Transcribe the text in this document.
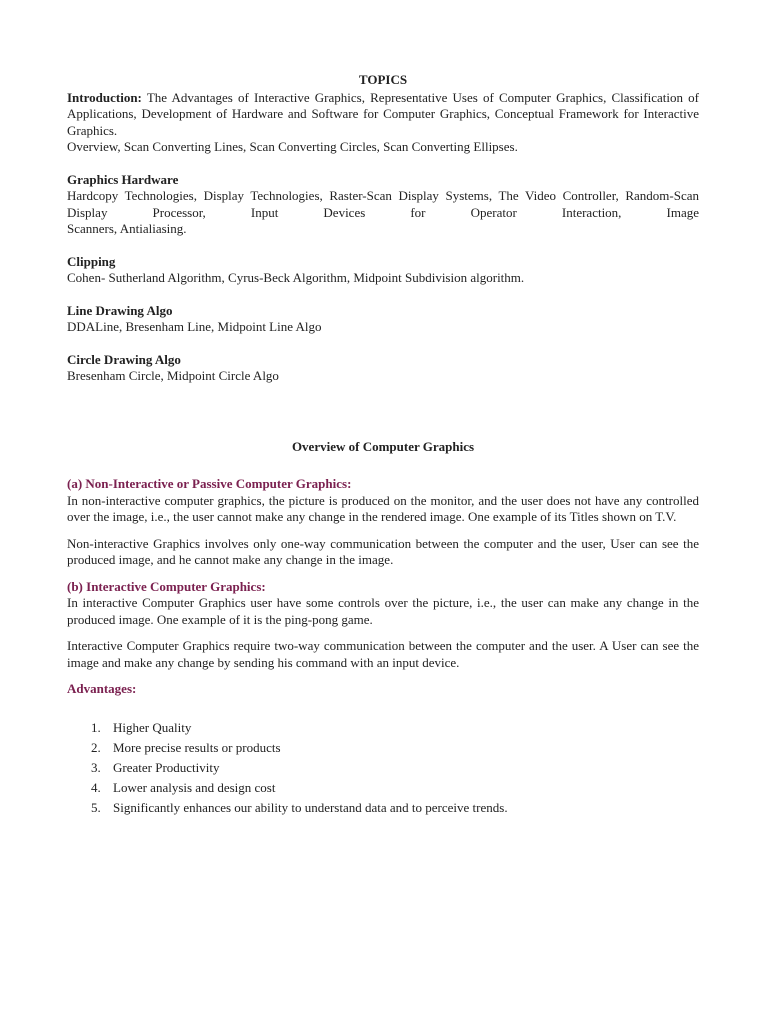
TOPICS

Introduction: The Advantages of Interactive Graphics, Representative Uses of Computer Graphics, Classification of Applications, Development of Hardware and Software for Computer Graphics, Conceptual Framework for Interactive Graphics.

Overview, Scan Converting Lines, Scan Converting Circles, Scan Converting Ellipses.

Graphics Hardware

Hardcopy Technologies, Display Technologies, Raster-Scan Display Systems, The Video Controller, Random-Scan Display Processor, Input Devices for Operator Interaction, Image

Scanners, Antialiasing.

Clipping

Cohen- Sutherland Algorithm, Cyrus-Beck Algorithm, Midpoint Subdivision algorithm.

Line Drawing Algo

DDALine, Bresenham Line, Midpoint Line Algo

Circle Drawing Algo

Bresenham Circle, Midpoint Circle Algo

Overview of Computer Graphics

(a) Non-Interactive or Passive Computer Graphics:

In non-interactive computer graphics, the picture is produced on the monitor, and the user does not have any controlled over the image, i.e., the user cannot make any change in the rendered image. One example of its Titles shown on T.V.

Non-interactive Graphics involves only one-way communication between the computer and the user, User can see the produced image, and he cannot make any change in the image.

(b) Interactive Computer Graphics:

In interactive Computer Graphics user have some controls over the picture, i.e., the user can make any change in the produced image. One example of it is the ping-pong game.

Interactive Computer Graphics require two-way communication between the computer and the user. A User can see the image and make any change by sending his command with an input device.

Advantages:

1. Higher Quality
2. More precise results or products
3. Greater Productivity
4. Lower analysis and design cost
5. Significantly enhances our ability to understand data and to perceive trends.
